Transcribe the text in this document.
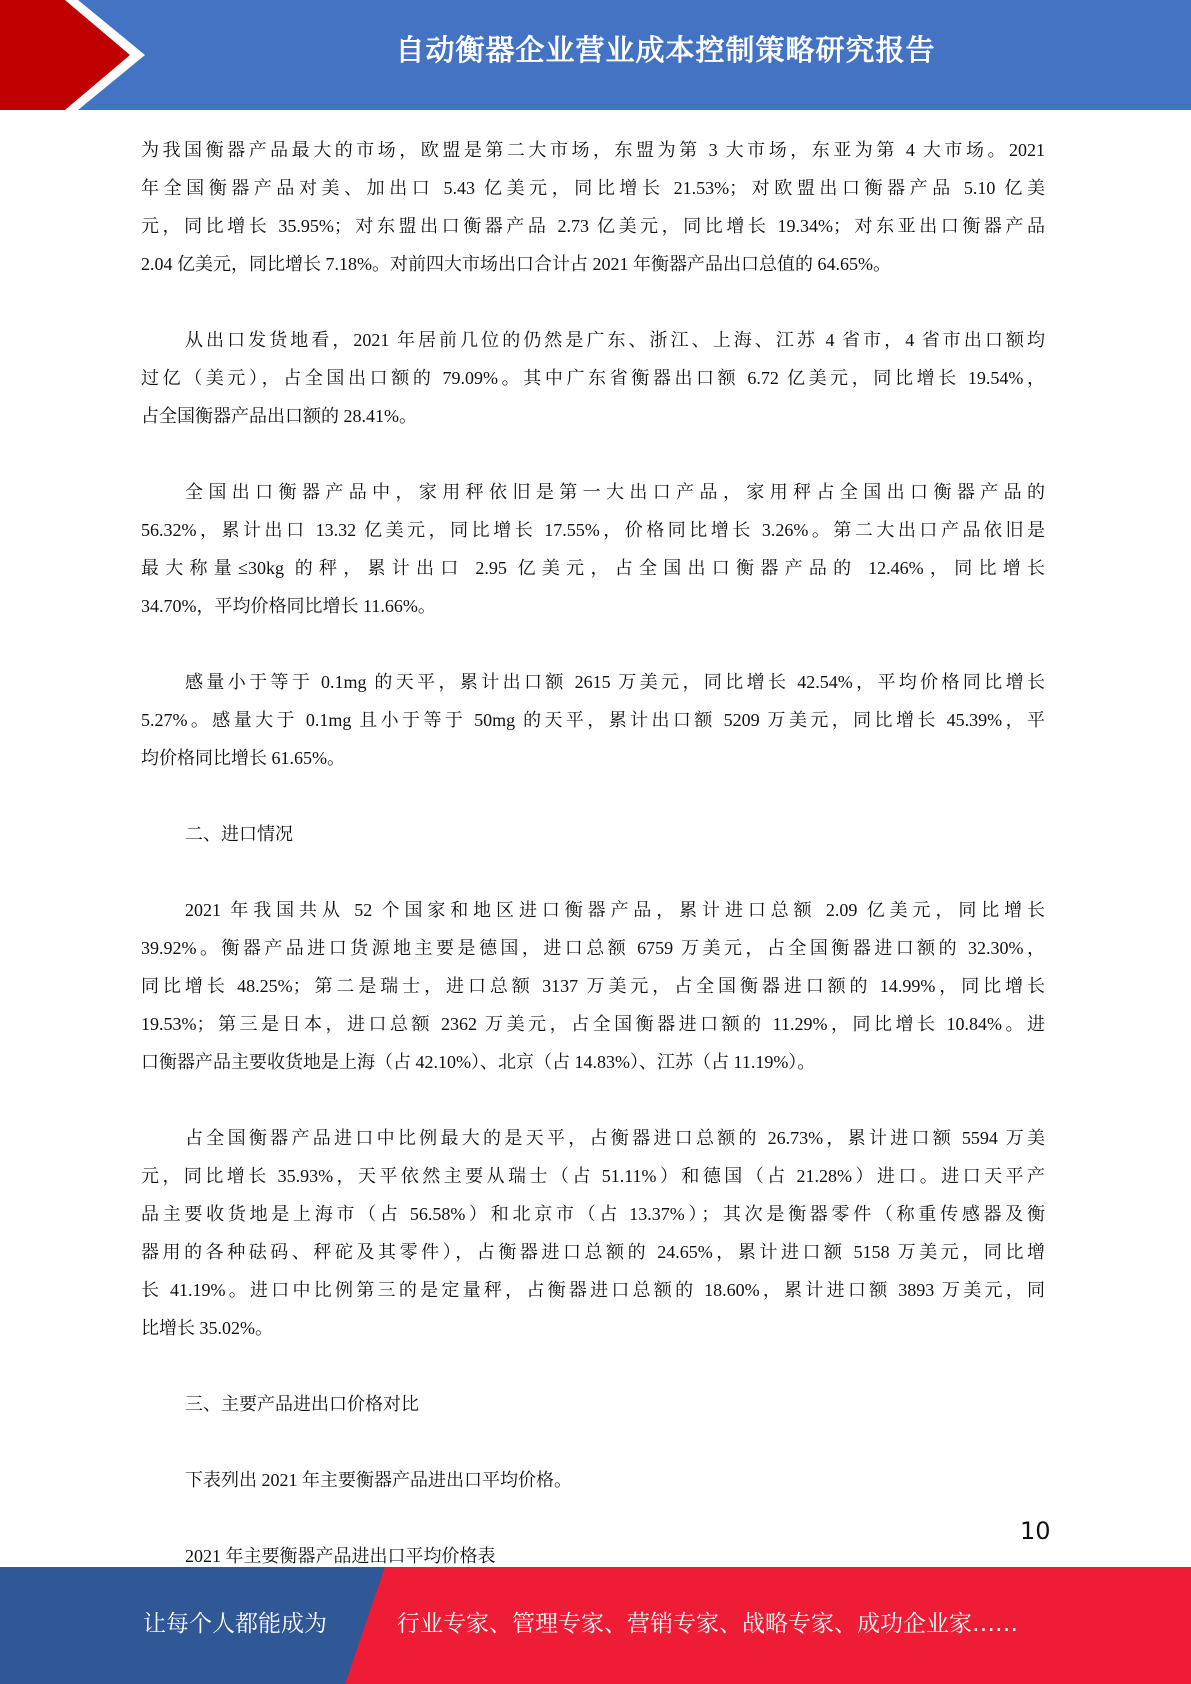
自动衡器企业营业成本控制策略研究报告
为我国衡器产品最大的市场，欧盟是第二大市场，东盟为第 3 大市场，东亚为第 4 大市场。2021
年全国衡器产品对美、加出口 5.43 亿美元，同比增长 21.53%；对欧盟出口衡器产品 5.10 亿美
元，同比增长 35.95%；对东盟出口衡器产品 2.73 亿美元，同比增长 19.34%；对东亚出口衡器产品
2.04 亿美元，同比增长 7.18%。对前四大市场出口合计占 2021 年衡器产品出口总值的 64.65%。
从出口发货地看，2021 年居前几位的仍然是广东、浙江、上海、江苏 4 省市，4 省市出口额均
过亿（美元），占全国出口额的 79.09%。其中广东省衡器出口额 6.72 亿美元，同比增长 19.54%，
占全国衡器产品出口额的 28.41%。
全国出口衡器产品中，家用秤依旧是第一大出口产品，家用秤占全国出口衡器产品的
56.32%，累计出口 13.32 亿美元，同比增长 17.55%，价格同比增长 3.26%。第二大出口产品依旧是
最大称量≤30kg 的秤，累计出口 2.95 亿美元，占全国出口衡器产品的 12.46%，同比增长
34.70%，平均价格同比增长 11.66%。
感量小于等于 0.1mg 的天平，累计出口额 2615 万美元，同比增长 42.54%，平均价格同比增长
5.27%。感量大于 0.1mg 且小于等于 50mg 的天平，累计出口额 5209 万美元，同比增长 45.39%，平
均价格同比增长 61.65%。
二、进口情况
2021 年我国共从 52 个国家和地区进口衡器产品，累计进口总额 2.09 亿美元，同比增长
39.92%。衡器产品进口货源地主要是德国，进口总额 6759 万美元，占全国衡器进口额的 32.30%，
同比增长 48.25%；第二是瑞士，进口总额 3137 万美元，占全国衡器进口额的 14.99%，同比增长
19.53%；第三是日本，进口总额 2362 万美元，占全国衡器进口额的 11.29%，同比增长 10.84%。进
口衡器产品主要收货地是上海（占 42.10%）、北京（占 14.83%）、江苏（占 11.19%）。
占全国衡器产品进口中比例最大的是天平，占衡器进口总额的 26.73%，累计进口额 5594 万美
元，同比增长 35.93%，天平依然主要从瑞士（占 51.11%）和德国（占 21.28%）进口。进口天平产
品主要收货地是上海市（占 56.58%）和北京市（占 13.37%）；其次是衡器零件（称重传感器及衡
器用的各种砝码、秤砣及其零件），占衡器进口总额的 24.65%，累计进口额 5158 万美元，同比增
长 41.19%。进口中比例第三的是定量秤，占衡器进口总额的 18.60%，累计进口额 3893 万美元，同
比增长 35.02%。
三、主要产品进出口价格对比
下表列出 2021 年主要衡器产品进出口平均价格。
2021 年主要衡器产品进出口平均价格表
10
让每个人都能成为	行业专家、管理专家、营销专家、战略专家、成功企业家……
